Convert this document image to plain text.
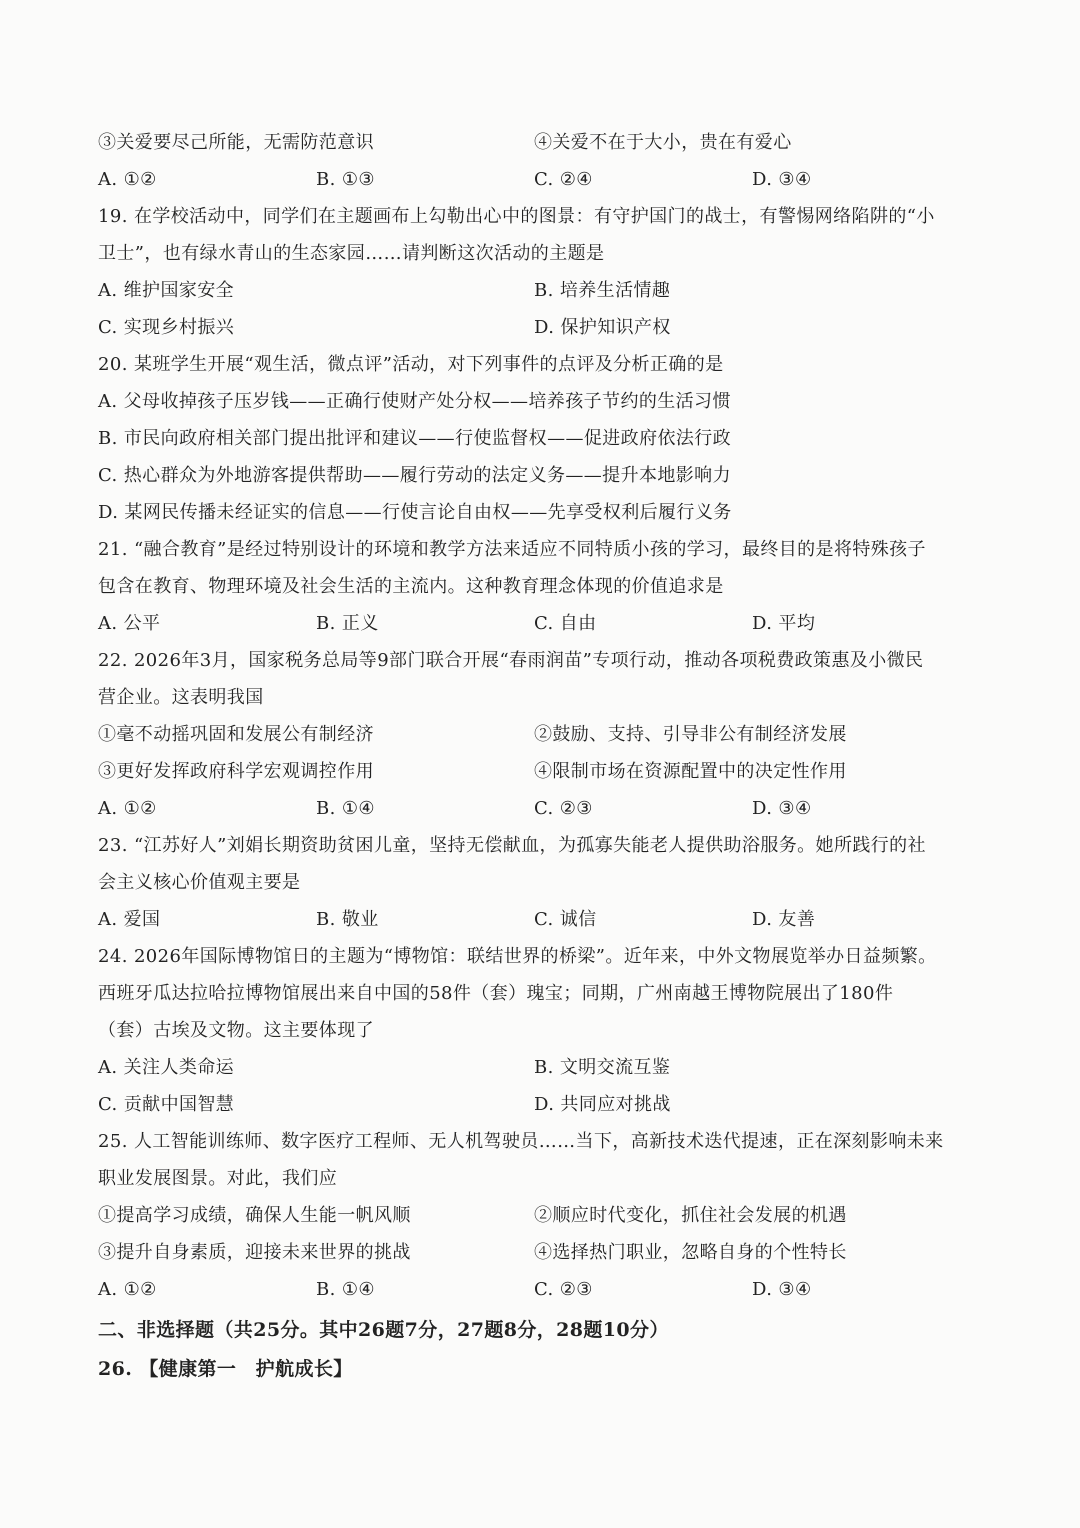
③关爱要尽己所能，无需防范意识	④关爱不在于大小，贵在有爱心
A. ①②	B. ①③	C. ②④	D. ③④
19. 在学校活动中，同学们在主题画布上勾勒出心中的图景：有守护国门的战士，有警惕网络陷阱的“小
卫士”，也有绿水青山的生态家园……请判断这次活动的主题是
A. 维护国家安全	B. 培养生活情趣
C. 实现乡村振兴	D. 保护知识产权
20. 某班学生开展“观生活，微点评”活动，对下列事件的点评及分析正确的是
A. 父母收掉孩子压岁钱——正确行使财产处分权——培养孩子节约的生活习惯
B. 市民向政府相关部门提出批评和建议——行使监督权——促进政府依法行政
C. 热心群众为外地游客提供帮助——履行劳动的法定义务——提升本地影响力
D. 某网民传播未经证实的信息——行使言论自由权——先享受权利后履行义务
21. “融合教育”是经过特别设计的环境和教学方法来适应不同特质小孩的学习，最终目的是将特殊孩子
包含在教育、物理环境及社会生活的主流内。这种教育理念体现的价值追求是
A. 公平	B. 正义	C. 自由	D. 平均
22. 2026年3月，国家税务总局等9部门联合开展“春雨润苗”专项行动，推动各项税费政策惠及小微民
营企业。这表明我国
①毫不动摇巩固和发展公有制经济	②鼓励、支持、引导非公有制经济发展
③更好发挥政府科学宏观调控作用	④限制市场在资源配置中的决定性作用
A. ①②	B. ①④	C. ②③	D. ③④
23. “江苏好人”刘娟长期资助贫困儿童，坚持无偿献血，为孤寡失能老人提供助浴服务。她所践行的社
会主义核心价值观主要是
A. 爱国	B. 敬业	C. 诚信	D. 友善
24. 2026年国际博物馆日的主题为“博物馆：联结世界的桥梁”。近年来，中外文物展览举办日益频繁。
西班牙瓜达拉哈拉博物馆展出来自中国的58件（套）瑰宝；同期，广州南越王博物院展出了180件
（套）古埃及文物。这主要体现了
A. 关注人类命运	B. 文明交流互鉴
C. 贡献中国智慧	D. 共同应对挑战
25. 人工智能训练师、数字医疗工程师、无人机驾驶员……当下，高新技术迭代提速，正在深刻影响未来
职业发展图景。对此，我们应
①提高学习成绩，确保人生能一帆风顺	②顺应时代变化，抓住社会发展的机遇
③提升自身素质，迎接未来世界的挑战	④选择热门职业，忽略自身的个性特长
A. ①②	B. ①④	C. ②③	D. ③④
二、非选择题（共25分。其中26题7分，27题8分，28题10分）
26. 【健康第一　护航成长】
